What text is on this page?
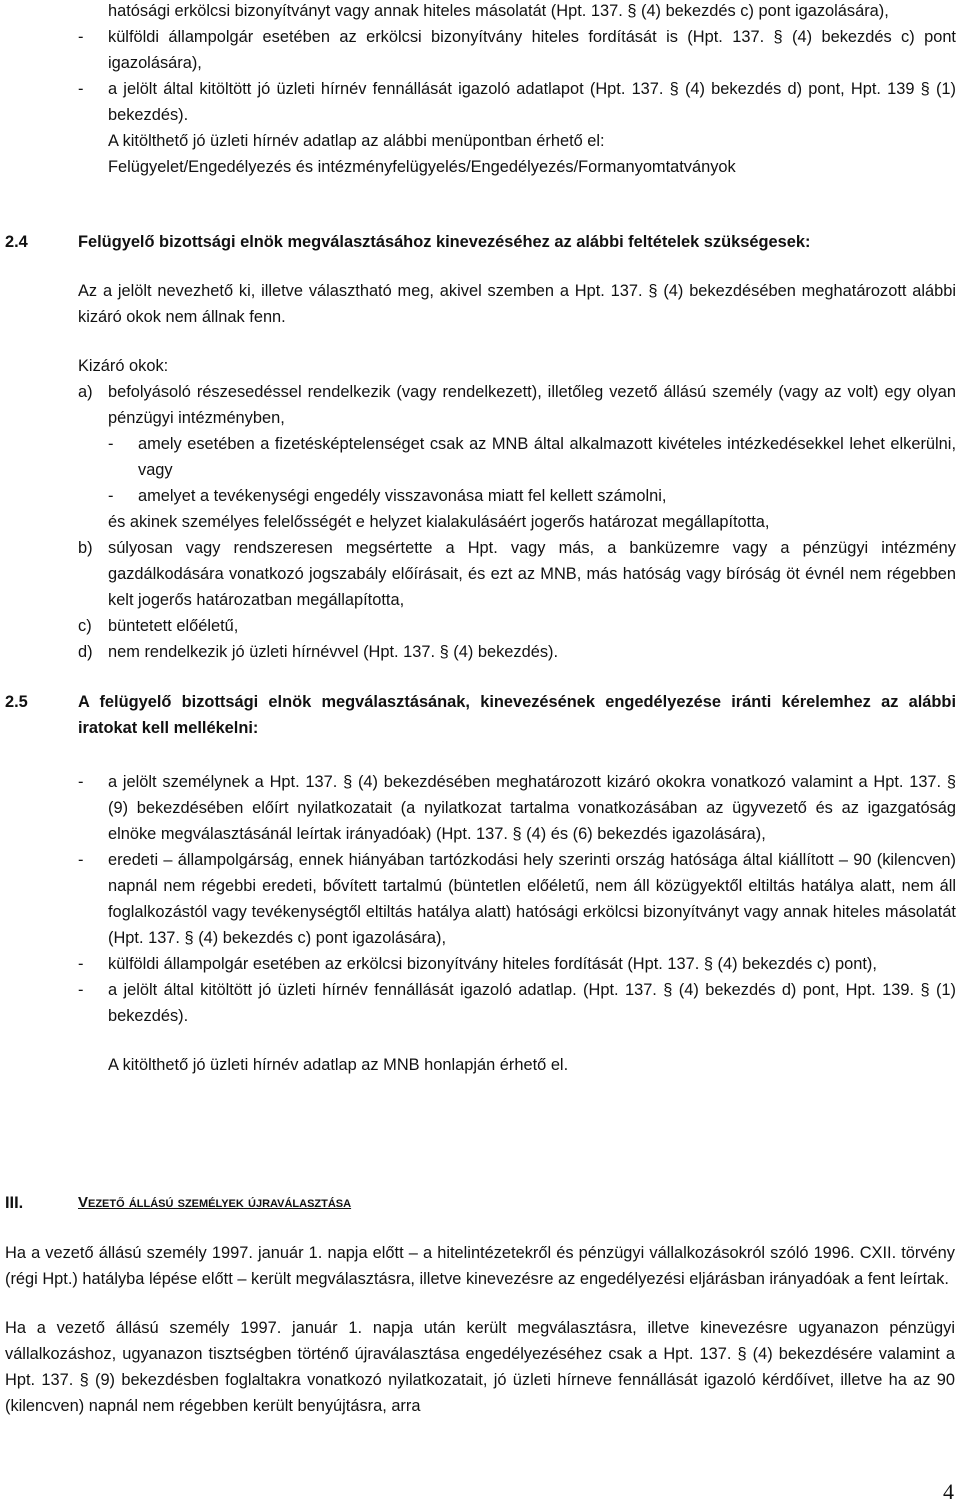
hatósági erkölcsi bizonyítványt vagy annak hiteles másolatát (Hpt. 137. § (4) bekezdés c) pont igazolására),

- külföldi állampolgár esetében az erkölcsi bizonyítvány hiteles fordítását is (Hpt. 137. § (4) bekezdés c) pont igazolására),

- a jelölt által kitöltött jó üzleti hírnév fennállását igazoló adatlapot (Hpt. 137. § (4) bekezdés d) pont, Hpt. 139 § (1) bekezdés).

A kitölthető jó üzleti hírnév adatlap az alábbi menüpontban érhető el:

Felügyelet/Engedélyezés és intézményfelügyelés/Engedélyezés/Formanyomtatványok

2.4	Felügyelő bizottsági elnök megválasztásához kinevezéséhez az alábbi feltételek szükségesek:

Az a jelölt nevezhető ki, illetve választható meg, akivel szemben a Hpt. 137. § (4) bekezdésében meghatározott alábbi kizáró okok nem állnak fenn.

Kizáró okok:

a) befolyásoló részesedéssel rendelkezik (vagy rendelkezett), illetőleg vezető állású személy (vagy az volt) egy olyan pénzügyi intézményben,

- amely esetében a fizetésképtelenséget csak az MNB által alkalmazott kivételes intézkedésekkel lehet elkerülni, vagy

- amelyet a tevékenységi engedély visszavonása miatt fel kellett számolni,

és akinek személyes felelősségét e helyzet kialakulásáért jogerős határozat megállapította,

b) súlyosan vagy rendszeresen megsértette a Hpt. vagy más, a banküzemre vagy a pénzügyi intézmény gazdálkodására vonatkozó jogszabály előírásait, és ezt az MNB, más hatóság vagy bíróság öt évnél nem régebben kelt jogerős határozatban megállapította,

c) büntetett előéletű,

d) nem rendelkezik jó üzleti hírnévvel (Hpt. 137. § (4) bekezdés).

2.5	A felügyelő bizottsági elnök megválasztásának, kinevezésének engedélyezése iránti kérelemhez az alábbi iratokat kell mellékelni:

- a jelölt személynek a Hpt. 137. § (4) bekezdésében meghatározott kizáró okokra vonatkozó valamint a Hpt. 137. § (9) bekezdésében előírt nyilatkozatait (a nyilatkozat tartalma vonatkozásában az ügyvezető és az igazgatóság elnöke megválasztásánál leírtak irányadóak) (Hpt. 137. § (4) és (6) bekezdés igazolására),

- eredeti – állampolgárság, ennek hiányában tartózkodási hely szerinti ország hatósága által kiállított – 90 (kilencven) napnál nem régebbi eredeti, bővített tartalmú (büntetlen előéletű, nem áll közügyektől eltiltás hatálya alatt, nem áll foglalkozástól vagy tevékenységtől eltiltás hatálya alatt) hatósági erkölcsi bizonyítványt vagy annak hiteles másolatát (Hpt. 137. § (4) bekezdés c) pont igazolására),

- külföldi állampolgár esetében az erkölcsi bizonyítvány hiteles fordítását (Hpt. 137. § (4) bekezdés c) pont),

- a jelölt által kitöltött jó üzleti hírnév fennállását igazoló adatlap. (Hpt. 137. § (4) bekezdés d) pont, Hpt. 139. § (1) bekezdés).

A kitölthető jó üzleti hírnév adatlap az MNB honlapján érhető el.

III.	Vezető állású személyek újraválasztása

Ha a vezető állású személy 1997. január 1. napja előtt – a hitelintézetekről és pénzügyi vállalkozásokról szóló 1996. CXII. törvény (régi Hpt.) hatályba lépése előtt – került megválasztásra, illetve kinevezésre az engedélyezési eljárásban irányadóak a fent leírtak.

Ha a vezető állású személy 1997. január 1. napja után került megválasztásra, illetve kinevezésre ugyanazon pénzügyi vállalkozáshoz, ugyanazon tisztségben történő újraválasztása engedélyezéséhez csak a Hpt. 137. § (4) bekezdésére valamint a Hpt. 137. § (9) bekezdésben foglaltakra vonatkozó nyilatkozatait, jó üzleti hírneve fennállását igazoló kérdőívet, illetve ha az 90 (kilencven) napnál nem régebben került benyújtásra, arra

4
